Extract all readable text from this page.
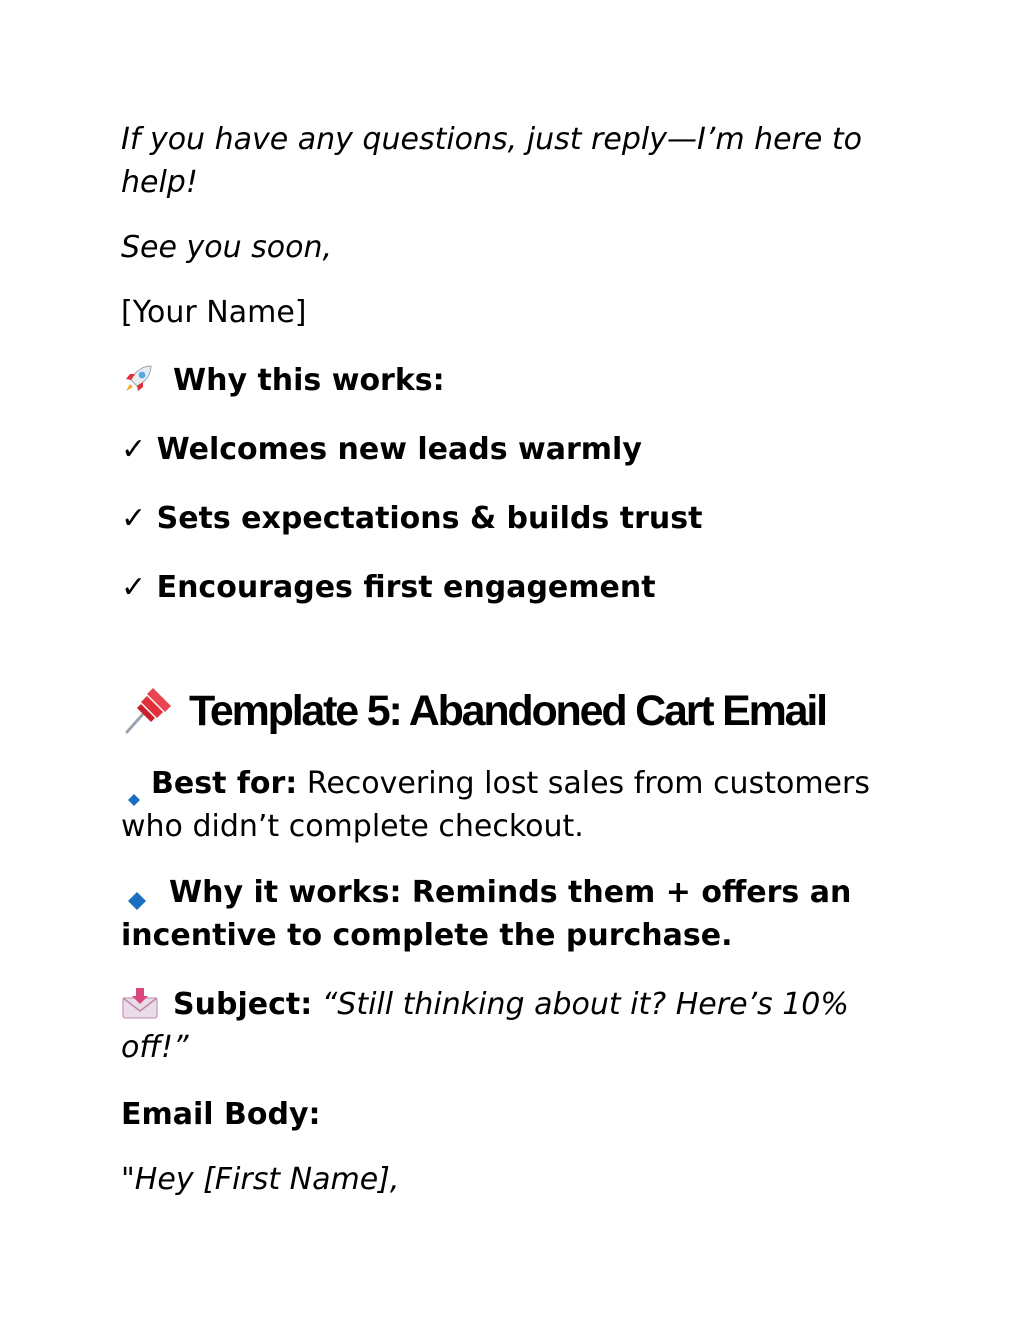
If you have any questions, just reply—I’m here to help!
See you soon,
[Your Name]
Why this works:
✓ Welcomes new leads warmly
✓ Sets expectations & builds trust
✓ Encourages first engagement
Template 5: Abandoned Cart Email
Best for: Recovering lost sales from customers who didn’t complete checkout.
Why it works: Reminds them + offers an incentive to complete the purchase.
Subject: “Still thinking about it? Here’s 10% off!”
Email Body:
"Hey [First Name],
